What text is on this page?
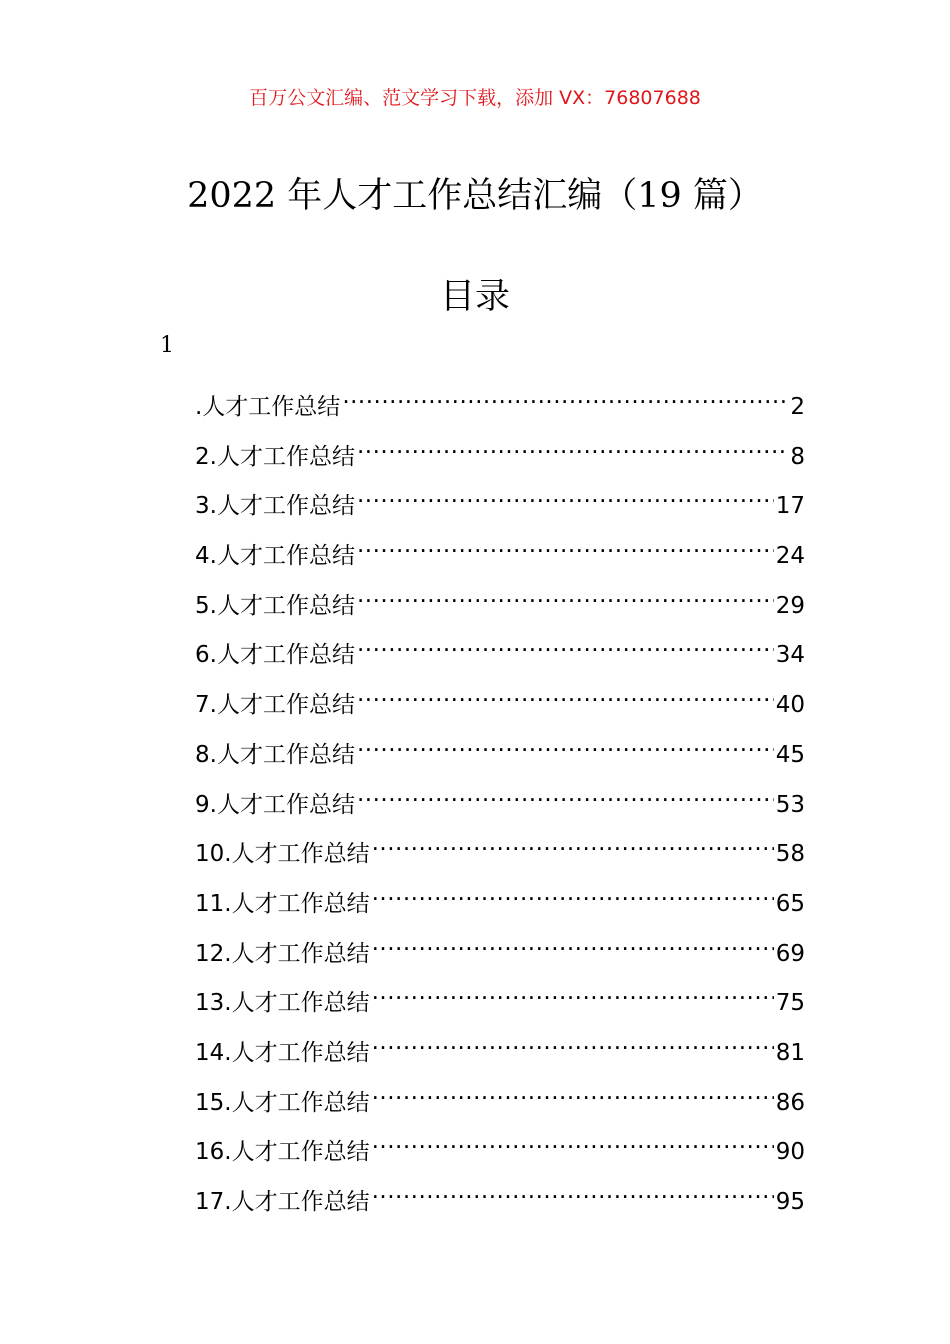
百万公文汇编、范文学习下载，添加 VX：76807688
2022 年人才工作总结汇编（19 篇）
目录
1
.人才工作总结 .....	2
2.人才工作总结 .....	8
3.人才工作总结 .....	17
4.人才工作总结 .....	24
5.人才工作总结 .....	29
6.人才工作总结 .....	34
7.人才工作总结 .....	40
8.人才工作总结 .....	45
9.人才工作总结 .....	53
10.人才工作总结 .....	58
11.人才工作总结 .....	65
12.人才工作总结 .....	69
13.人才工作总结 .....	75
14.人才工作总结 .....	81
15.人才工作总结 .....	86
16.人才工作总结 .....	90
17.人才工作总结 .....	95
